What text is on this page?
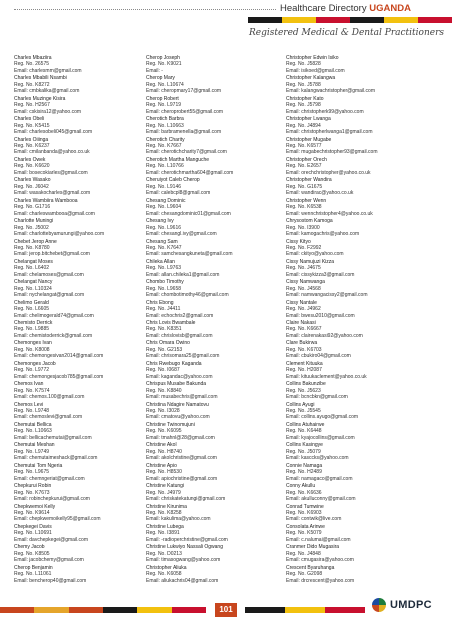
Healthcare Directory UGANDA
Registered Medical & Dental Practitioners
Charles Mbaziira
Reg. No. 26575
Email: charlesmm@gmail.com
Charles Mbabili Nsambi
Reg. No. K8272
Email: cmbkalika@gmail.com
Charles Muzinge Kisira
Reg. No. H2567
Email: cskisira12@yahoo.com
Charles Obeli
Reg. No. K5415
Email: charlesobeli045@gmail.com
Charles Oiiinga
Reg. No. K6237
Email: cmilanbanda@yahoo.co.uk
Charles Owek
Reg. No. K6620
Email: bosecokiarles@gmail.com
Charles Wasako
Reg. No. J6042
Email: wasakocharles@gmail.com
Charles Wambiira Wambooa
Reg. No. G1716
Email: charleswambooa@gmail.com
Charlotte Muningi
Reg. No. J5002
Email: charlottebyamurungi@yahoo.com
Chebet Jerop Anne
Reg. No. K8780
Email: jerop.bitchebet@gmail.com
Chelangat Moses
Reg. No. L6402
Email: chelamoses@gmail.com
Chelangat Nancy
Reg. No. L10324
Email: nychelangat@gmail.com
Chelimo Gerald
Reg. No. L6605
Email: chelimogerald74@gmail.com
Chemisto Derrick
Reg. No. L9885
Email: chemistoderrick@gmail.com
Chemonges Ivan
Reg. No. K8008
Email: chemongesivan2014@gmail.com
Chemonges Jacob
Reg. No. L9772
Email: chemongesjacob785@gmail.com
Chemos Ivan
Reg. No. K7574
Email: chemos.100@gmail.com
Chemos Levi
Reg. No. L9748
Email: chemoslevi@gmail.com
Chemutai Bellica
Reg. No. L10663
Email: bellicachemutai@gmail.com
Chemutai Meshan
Reg. No. L9749
Email: chemutaimeshack@gmail.com
Chemutai Tom Ngeria
Reg. No. L9675
Email: chemngeriat@gmail.com
Chepkurui Robin
Reg. No. K7673
Email: robinchepkurui@gmail.com
Chepkwemoi Kelly
Reg. No. K9614
Email: chepkwemoikelly95@gmail.com
Chepkegei Davis
Reg. No. L10691
Email: davchepkegei@gmail.com
Chemy Jacob
Reg. No. K8505
Email: jacobchemy@gmail.com
Cherop Benjamin
Reg. No. L11061
Email: bencherop40@gmail.com
Cherop Joseph
Reg. No. K9021
Email: -
Cherop Mary
Reg. No. L10674
Email: cheropmary17@gmail.com
Cherop Robert
Reg. No. L9719
Email: cheroprobert55@gmail.com
Cherotich Barbra
Reg. No. L10663
Email: barbramenella@gmail.com
Cherotich Charity
Reg. No. K7667
Email: cherotichcharity7@gmail.com
Cherotich Martha Manguche
Reg. No. L10766
Email: cherotichmartha604@gmail.com
Cheruiyot Caleb Cherop
Reg. No. L9146
Email: calebcpl8@gmail.com
Chesang Dominic
Reg. No. L9604
Email: chesangdominic01@gmail.com
Chesang Ivy
Reg. No. L9616
Email: chesangl.ivy@gmail.com
Chesang Sam
Reg. No. K7647
Email: samchesangkuneta@gmail.com
Chileka Allan
Reg. No. L9763
Email: allan.chileka1@gmail.com
Chombo Timothy
Reg. No. L9658
Email: chombotimothy46@gmail.com
Chris Ebong
Reg. No. J4411
Email: echochris2@gmail.com
Chris Lovis Bwambale
Reg. No. K8351
Email: chrislovisb@gmail.com
Chris Omara Owino
Reg. No. G2153
Email: chrisomara25@gmail.com
Chris Rwebugo Kaganda
Reg. No. I0687
Email: kagandac@yahoo.com
Chrispus Musabe Bakunda
Reg. No. K8840
Email: musabechris@gmail.com
Christina Ndagire Namatovu
Reg. No. I3028
Email: cmatovu@yahoo.com
Christine Twinomujuni
Reg. No. K6095
Email: tmahnl@28@gmail.com
Christine Akol
Reg. No. H8740
Email: akolchristine@gmail.com
Christine Apio
Reg. No. H8530
Email: apiochristine@gmail.com
Christine Katungi
Reg. No. J4979
Email: chriskatekatungi@gmail.com
Christine Kirunima
Reg. No. K8258
Email: kakulima@yahoo.com
Christine Lubega
Reg. No. I3891
Email: -radioperchristine@gmail.com
Christine Lukwiyo Nassali Ogwang
Reg. No. D0213
Email: timasogwang@yahoo.com
Christopher Aliuka
Reg. No. K6058
Email: aliukachris04@gmail.com
Christopher Edwin Isiko
Reg. No. J5828
Email: isikoed@gmail.com
Christopher Kalangwa
Reg. No. J5788
Email: kalangwachristopher@gmail.com
Christopher Kato
Reg. No. J5798
Email: christopherk99@yahoo.com
Christopher Lwanga
Reg. No. J4894
Email: christopherlwanga1@gmail.com
Christopher Mugabe
Reg. No. K6577
Email: mugabechristopher93@gmail.com
Christopher Orech
Reg. No. E2657
Email: orechchristopher@yahoo.co.uk
Christopher Wandira
Reg. No. G1675
Email: wandirac@yahoo.co.uk
Christopher Wenn
Reg. No. K6538
Email: wennchristopher4@yahoo.co.uk
Chrysostom Kamoga
Reg. No. I3900
Email: kamogachris@yahoo.com
Cissy Kityo
Reg. No. F2992
Email: ckityo@yahoo.com
Cissy Namujuzi Kizza
Reg. No. J4675
Email: cissykizza3@gmail.com
Cissy Namwanga
Reg. No. J4568
Email: namwangacissy2@gmail.com
Cissy Nantale
Reg. No. J4962
Email: bwesu2010@gmail.com
Claire Nakasi
Reg. No. K6667
Email: clairenakasi92@yahoo.com
Clare Bukirwa
Reg. No. K6703
Email: cbukiro04@gmail.com
Clement Kituuka
Reg. No. H2087
Email: kituukaclement@yahoo.co.uk
Collins Bakunzibe
Reg. No. J5623
Email: bcncbkn@gmail.com
Collins Ayugi
Reg. No. J5545
Email: collins.ayugo@gmail.com
Collins Atuhairwe
Reg. No. K6448
Email: kyajocollins@gmail.com
Collins Kasingye
Reg. No. J5079
Email: kasccks@yahoo.com
Connie Namaga
Reg. No. H2489
Email: namagaco@gmail.com
Conny Akullu
Reg. No. K6636
Email: akulluconny@gmail.com
Conrad Tumwine
Reg. No. K6903
Email: contwik@live.com
Consolata Arinwe
Reg. No. K5079
Email: c.nalumai@gmail.com
Cranmer Dido Mugasira
Reg. No. J4848
Email: cmugasira@yahoo.com
Crescent Byaruhanga
Reg. No. G2098
Email: drcrescent@yahoo.com
101	UMDPC
